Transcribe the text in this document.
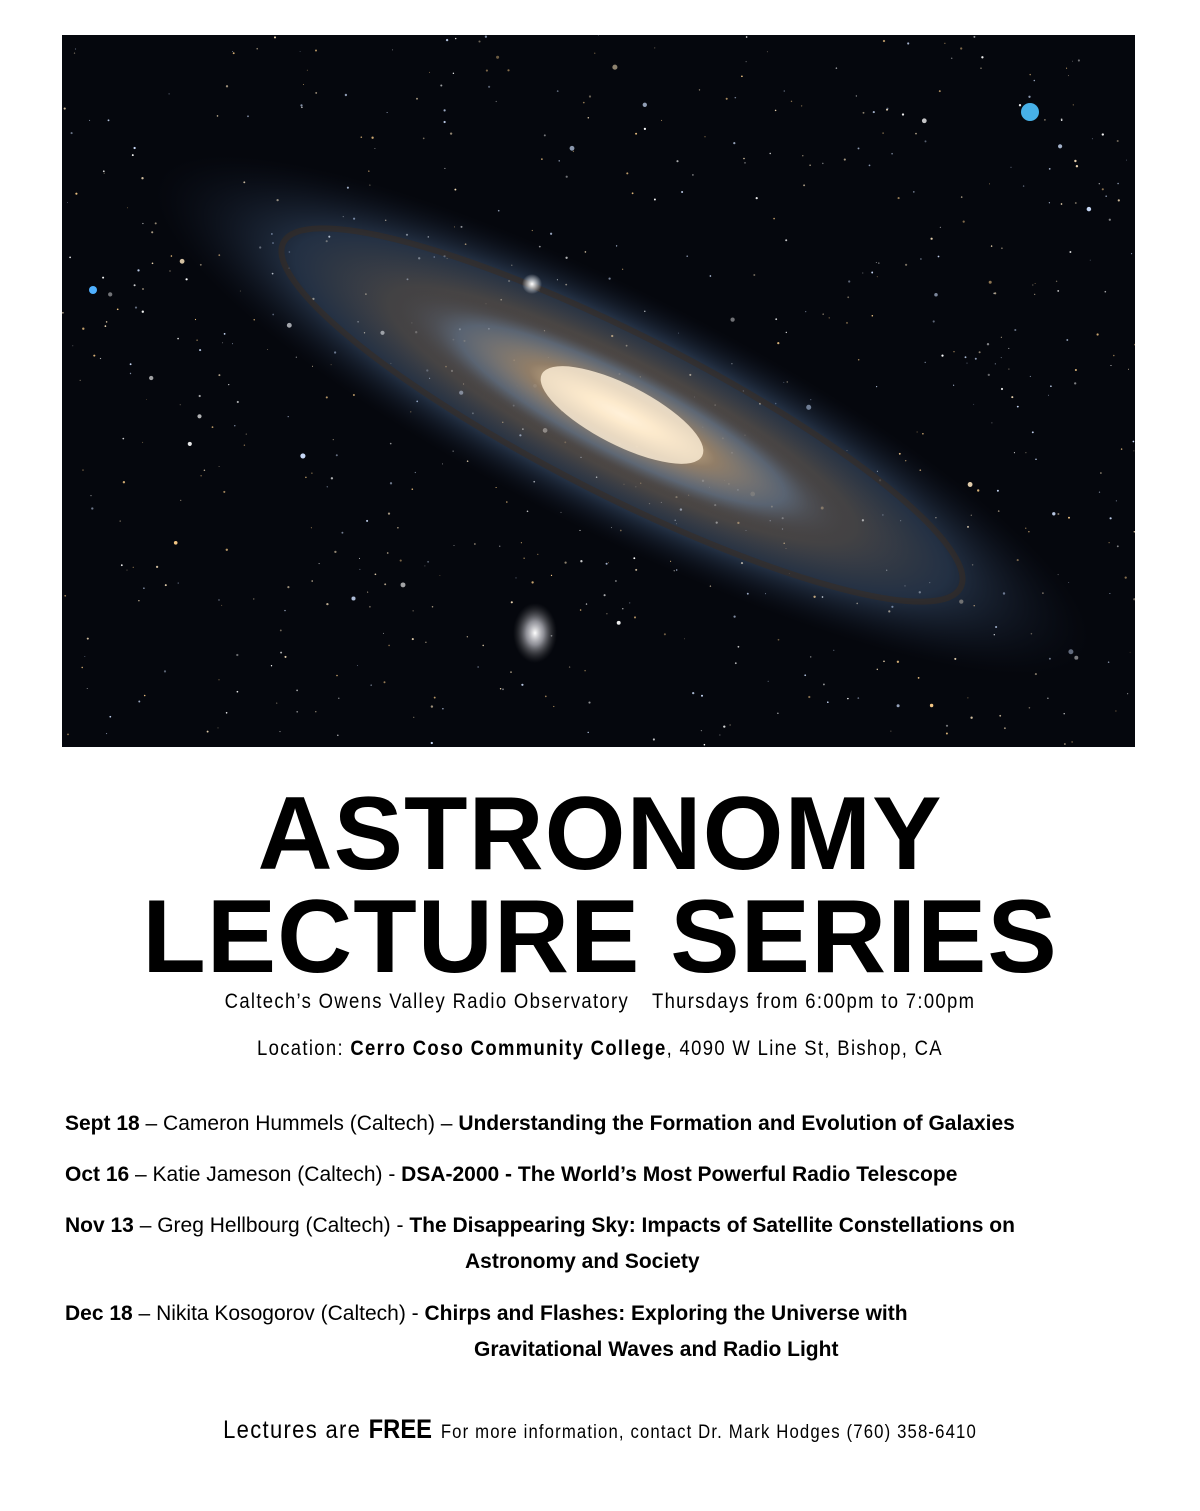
ASTRONOMY
LECTURE SERIES
Caltech’s Owens Valley Radio Observatory Thursdays from 6:00pm to 7:00pm
Location: Cerro Coso Community College, 4090 W Line St, Bishop, CA
Sept 18 – Cameron Hummels (Caltech) – Understanding the Formation and Evolution of Galaxies
Oct 16 – Katie Jameson (Caltech) - DSA-2000 - The World’s Most Powerful Radio Telescope
Nov 13 – Greg Hellbourg (Caltech) - The Disappearing Sky: Impacts of Satellite Constellations on
Astronomy and Society
Dec 18 – Nikita Kosogorov (Caltech) - Chirps and Flashes: Exploring the Universe with
Gravitational Waves and Radio Light
Lectures are FREE For more information, contact Dr. Mark Hodges (760) 358-6410
